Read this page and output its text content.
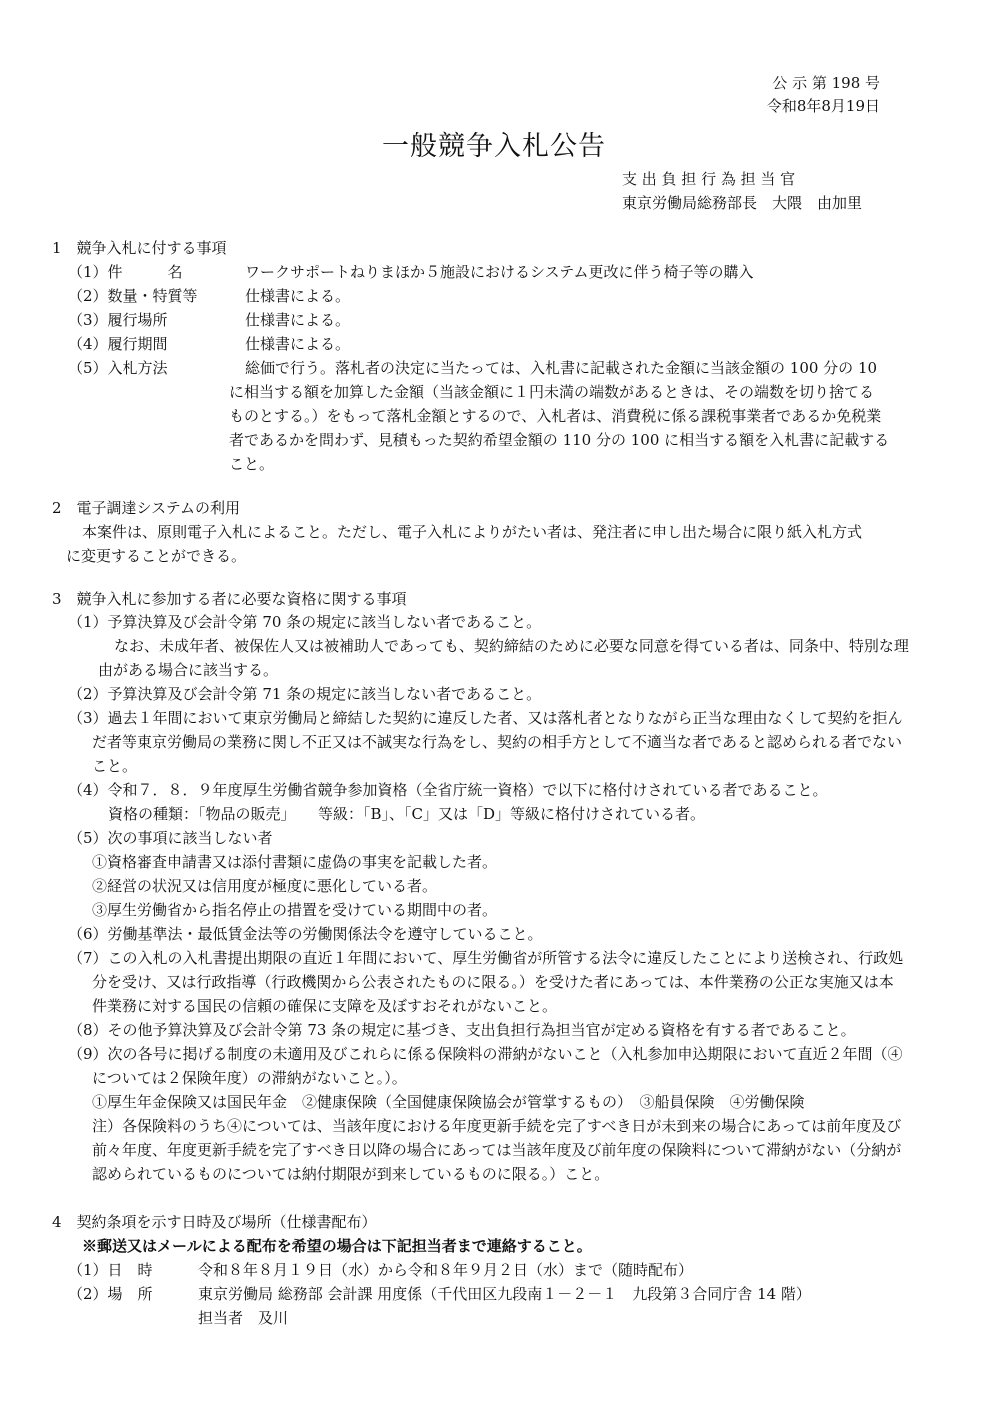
公 示 第 198 号
令和8年8月19日
一般競争入札公告
支 出 負 担 行 為 担 当 官
東京労働局総務部長　大隈　由加里
1　競争入札に付する事項
（1）件　　　名	ワークサポートねりまほか５施設におけるシステム更改に伴う椅子等の購入
（2）数量・特質等	仕様書による。
（3）履行場所	仕様書による。
（4）履行期間	仕様書による。
（5）入札方法	総価で行う。落札者の決定に当たっては、入札書に記載された金額に当該金額の 100 分の 10
に相当する額を加算した金額（当該金額に１円未満の端数があるときは、その端数を切り捨てる
ものとする。）をもって落札金額とするので、入札者は、消費税に係る課税事業者であるか免税業
者であるかを問わず、見積もった契約希望金額の 110 分の 100 に相当する額を入札書に記載する
こと。
2　電子調達システムの利用
本案件は、原則電子入札によること。ただし、電子入札によりがたい者は、発注者に申し出た場合に限り紙入札方式
に変更することができる。
3　競争入札に参加する者に必要な資格に関する事項
（1）予算決算及び会計令第 70 条の規定に該当しない者であること。
なお、未成年者、被保佐人又は被補助人であっても、契約締結のために必要な同意を得ている者は、同条中、特別な理
由がある場合に該当する。
（2）予算決算及び会計令第 71 条の規定に該当しない者であること。
（3）過去１年間において東京労働局と締結した契約に違反した者、又は落札者となりながら正当な理由なくして契約を拒ん
だ者等東京労働局の業務に関し不正又は不誠実な行為をし、契約の相手方として不適当な者であると認められる者でない
こと。
（4）令和７．８．９年度厚生労働省競争参加資格（全省庁統一資格）で以下に格付けされている者であること。
資格の種類：「物品の販売」　　等級：「B」、「C」又は「D」等級に格付けされている者。
（5）次の事項に該当しない者
①資格審査申請書又は添付書類に虚偽の事実を記載した者。
②経営の状況又は信用度が極度に悪化している者。
③厚生労働省から指名停止の措置を受けている期間中の者。
（6）労働基準法・最低賃金法等の労働関係法令を遵守していること。
（7）この入札の入札書提出期限の直近１年間において、厚生労働省が所管する法令に違反したことにより送検され、行政処
分を受け、又は行政指導（行政機関から公表されたものに限る。）を受けた者にあっては、本件業務の公正な実施又は本
件業務に対する国民の信頼の確保に支障を及ぼすおそれがないこと。
（8）その他予算決算及び会計令第 73 条の規定に基づき、支出負担行為担当官が定める資格を有する者であること。
（9）次の各号に掲げる制度の未適用及びこれらに係る保険料の滞納がないこと（入札参加申込期限において直近２年間（④
については２保険年度）の滞納がないこと。）。
①厚生年金保険又は国民年金　②健康保険（全国健康保険協会が管掌するもの）　③船員保険　④労働保険
注）各保険料のうち④については、当該年度における年度更新手続を完了すべき日が未到来の場合にあっては前年度及び
前々年度、年度更新手続を完了すべき日以降の場合にあっては当該年度及び前年度の保険料について滞納がない（分納が
認められているものについては納付期限が到来しているものに限る。）こと。
4　契約条項を示す日時及び場所（仕様書配布）
※郵送又はメールによる配布を希望の場合は下記担当者まで連絡すること。
（1）日　時	令和８年８月１９日（水）から令和８年９月２日（水）まで（随時配布）
（2）場　所	東京労働局 総務部 会計課 用度係（千代田区九段南１－２－１　九段第３合同庁舎 14 階）
担当者　及川
